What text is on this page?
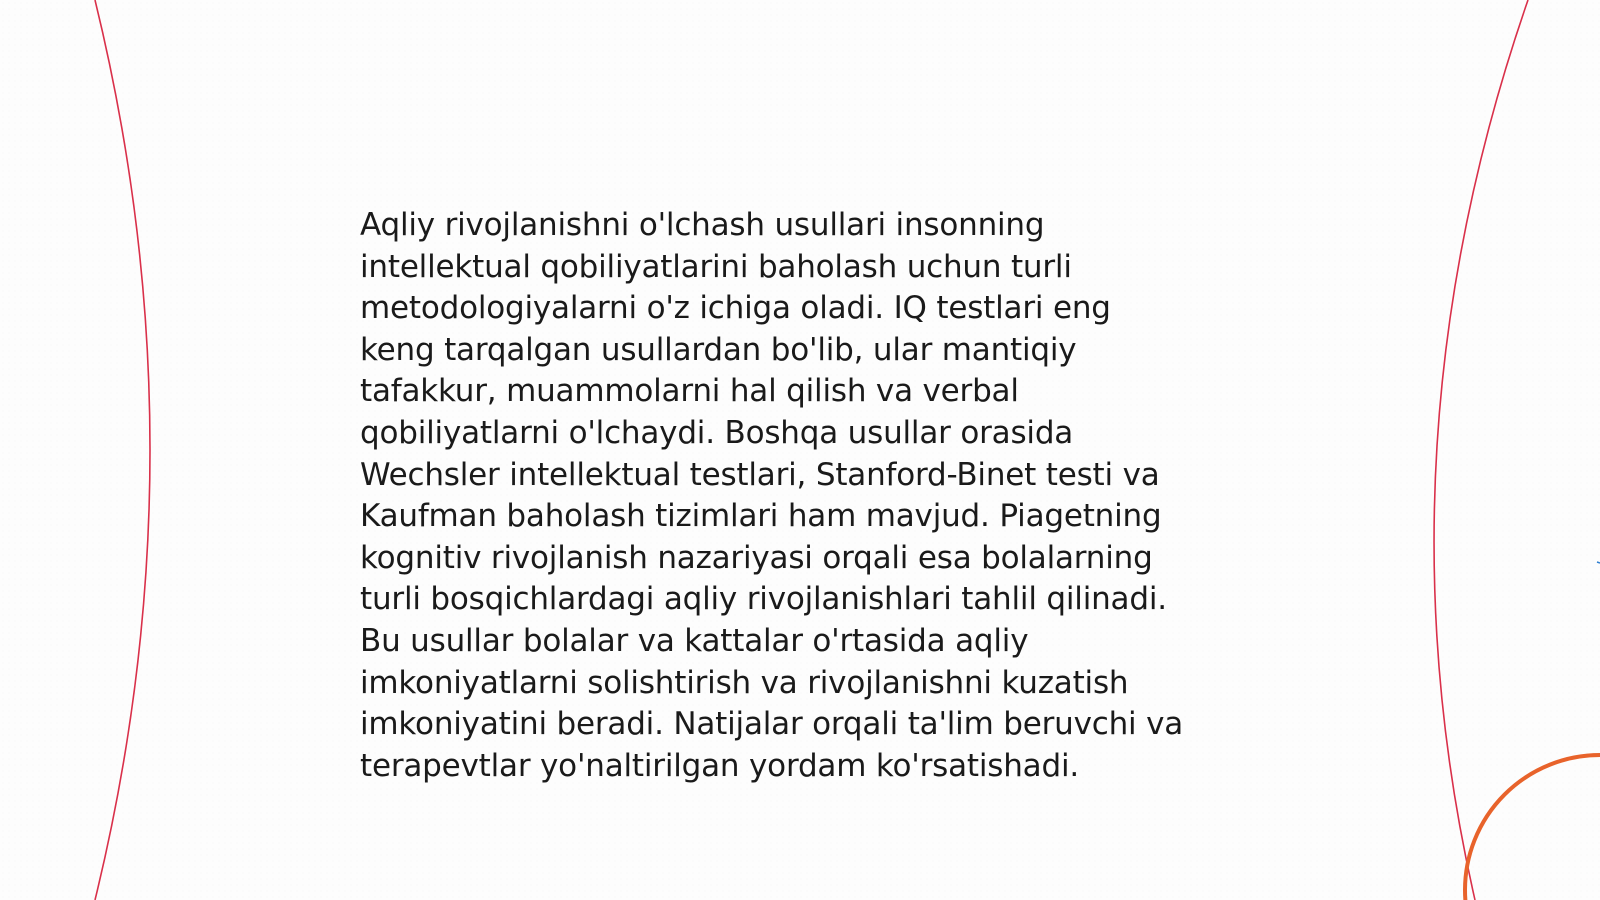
Aqliy rivojlanishni o'lchash usullari insonning
intellektual qobiliyatlarini baholash uchun turli
metodologiyalarni o'z ichiga oladi. IQ testlari eng
keng tarqalgan usullardan bo'lib, ular mantiqiy
tafakkur, muammolarni hal qilish va verbal
qobiliyatlarni o'lchaydi. Boshqa usullar orasida
Wechsler intellektual testlari, Stanford-Binet testi va
Kaufman baholash tizimlari ham mavjud. Piagetning
kognitiv rivojlanish nazariyasi orqali esa bolalarning
turli bosqichlardagi aqliy rivojlanishlari tahlil qilinadi.
Bu usullar bolalar va kattalar o'rtasida aqliy
imkoniyatlarni solishtirish va rivojlanishni kuzatish
imkoniyatini beradi. Natijalar orqali ta'lim beruvchi va
terapevtlar yo'naltirilgan yordam ko'rsatishadi.
